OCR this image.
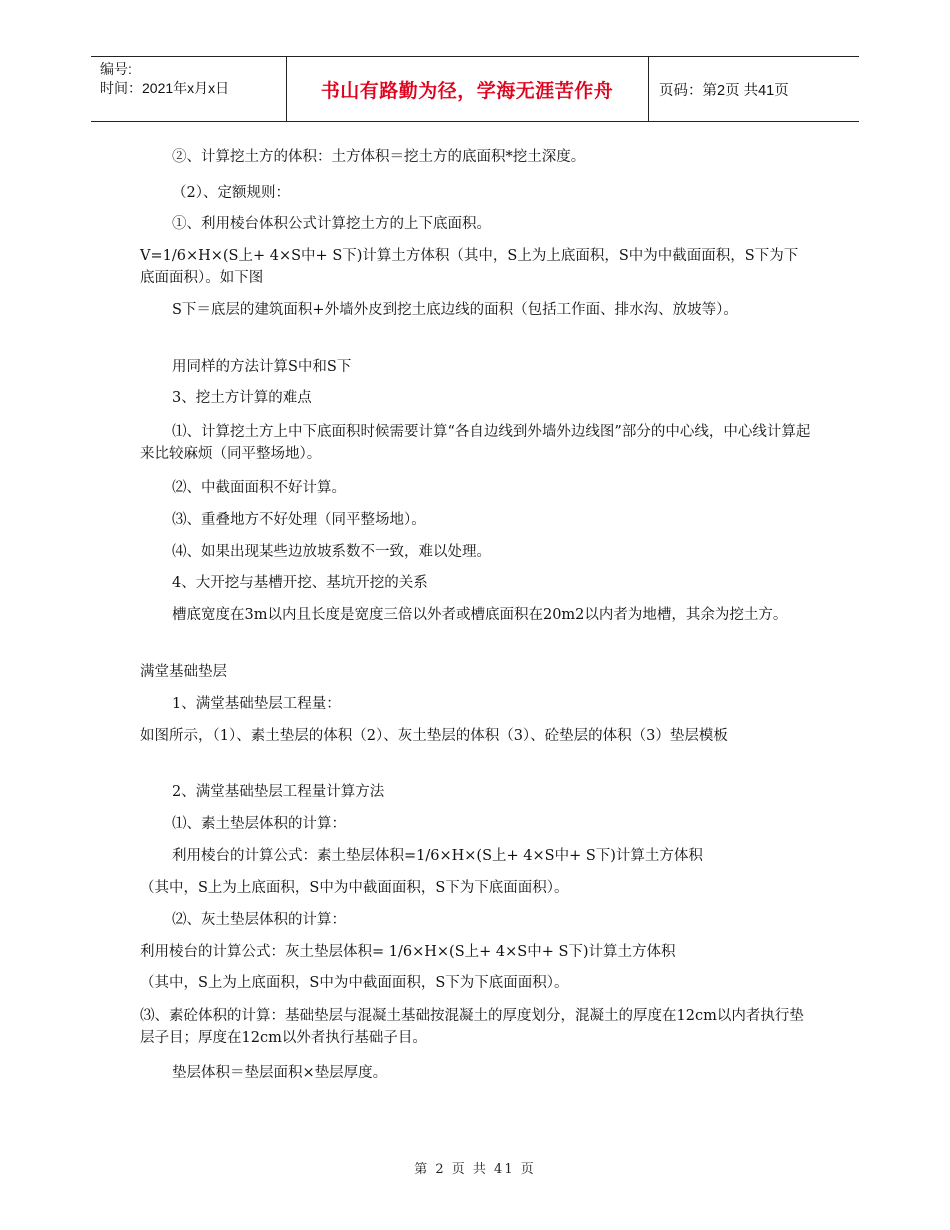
编号:
时间：2021年x月x日	书山有路勤为径，学海无涯苦作舟	页码：第2页 共41页

②、计算挖土方的体积：土方体积＝挖土方的底面积*挖土深度。

（2）、定额规则：

①、利用棱台体积公式计算挖土方的上下底面积。

V=1/6×H×(S上+ 4×S中+ S下)计算土方体积（其中，S上为上底面积，S中为中截面面积，S下为下底面面积）。如下图

S下＝底层的建筑面积+外墙外皮到挖土底边线的面积（包括工作面、排水沟、放坡等）。

用同样的方法计算S中和S下

3、挖土方计算的难点

⑴、计算挖土方上中下底面积时候需要计算“各自边线到外墙外边线图”部分的中心线，中心线计算起来比较麻烦（同平整场地）。

⑵、中截面面积不好计算。

⑶、重叠地方不好处理（同平整场地）。

⑷、如果出现某些边放坡系数不一致，难以处理。

4、大开挖与基槽开挖、基坑开挖的关系

槽底宽度在3m以内且长度是宽度三倍以外者或槽底面积在20m2以内者为地槽，其余为挖土方。

满堂基础垫层

1、满堂基础垫层工程量：

如图所示，（1）、素土垫层的体积（2）、灰土垫层的体积（3）、砼垫层的体积（3）垫层模板

2、满堂基础垫层工程量计算方法

⑴、素土垫层体积的计算：

利用棱台的计算公式：素土垫层体积=1/6×H×(S上+ 4×S中+ S下)计算土方体积

（其中，S上为上底面积，S中为中截面面积，S下为下底面面积）。

⑵、灰土垫层体积的计算：

利用棱台的计算公式：灰土垫层体积= 1/6×H×(S上+ 4×S中+ S下)计算土方体积

（其中，S上为上底面积，S中为中截面面积，S下为下底面面积）。

⑶、素砼体积的计算：基础垫层与混凝土基础按混凝土的厚度划分，混凝土的厚度在12cm以内者执行垫层子目；厚度在12cm以外者执行基础子目。

垫层体积＝垫层面积×垫层厚度。

第 2 页 共 41 页
